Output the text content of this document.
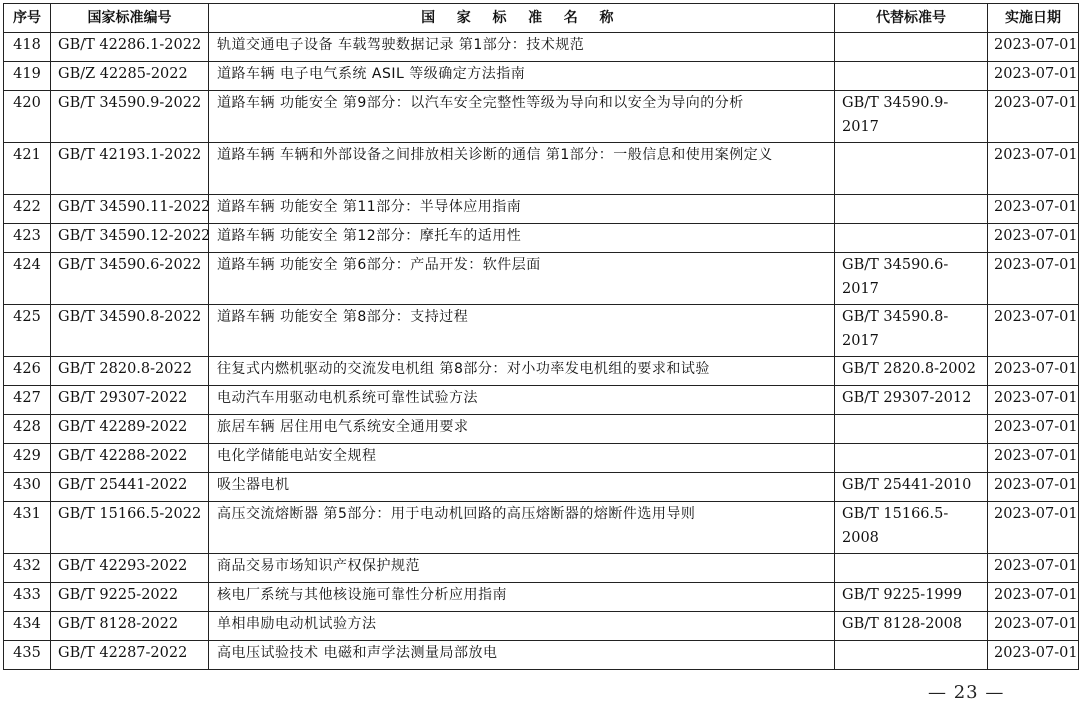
序号	国家标准编号	国 家 标 准 名 称	代替标准号	实施日期
418	GB/T 42286.1-2022	轨道交通电子设备 车载驾驶数据记录 第1部分：技术规范		2023-07-01
419	GB/Z 42285-2022	道路车辆 电子电气系统 ASIL 等级确定方法指南		2023-07-01
420	GB/T 34590.9-2022	道路车辆 功能安全 第9部分：以汽车安全完整性等级为导向和以安全为导向的分析	GB/T 34590.9-2017	2023-07-01
421	GB/T 42193.1-2022	道路车辆 车辆和外部设备之间排放相关诊断的通信 第1部分：一般信息和使用案例定义		2023-07-01
422	GB/T 34590.11-2022	道路车辆 功能安全 第11部分：半导体应用指南		2023-07-01
423	GB/T 34590.12-2022	道路车辆 功能安全 第12部分：摩托车的适用性		2023-07-01
424	GB/T 34590.6-2022	道路车辆 功能安全 第6部分：产品开发：软件层面	GB/T 34590.6-2017	2023-07-01
425	GB/T 34590.8-2022	道路车辆 功能安全 第8部分：支持过程	GB/T 34590.8-2017	2023-07-01
426	GB/T 2820.8-2022	往复式内燃机驱动的交流发电机组 第8部分：对小功率发电机组的要求和试验	GB/T 2820.8-2002	2023-07-01
427	GB/T 29307-2022	电动汽车用驱动电机系统可靠性试验方法	GB/T 29307-2012	2023-07-01
428	GB/T 42289-2022	旅居车辆 居住用电气系统安全通用要求		2023-07-01
429	GB/T 42288-2022	电化学储能电站安全规程		2023-07-01
430	GB/T 25441-2022	吸尘器电机	GB/T 25441-2010	2023-07-01
431	GB/T 15166.5-2022	高压交流熔断器 第5部分：用于电动机回路的高压熔断器的熔断件选用导则	GB/T 15166.5-2008	2023-07-01
432	GB/T 42293-2022	商品交易市场知识产权保护规范		2023-07-01
433	GB/T 9225-2022	核电厂系统与其他核设施可靠性分析应用指南	GB/T 9225-1999	2023-07-01
434	GB/T 8128-2022	单相串励电动机试验方法	GB/T 8128-2008	2023-07-01
435	GB/T 42287-2022	高电压试验技术 电磁和声学法测量局部放电		2023-07-01
— 23 —
